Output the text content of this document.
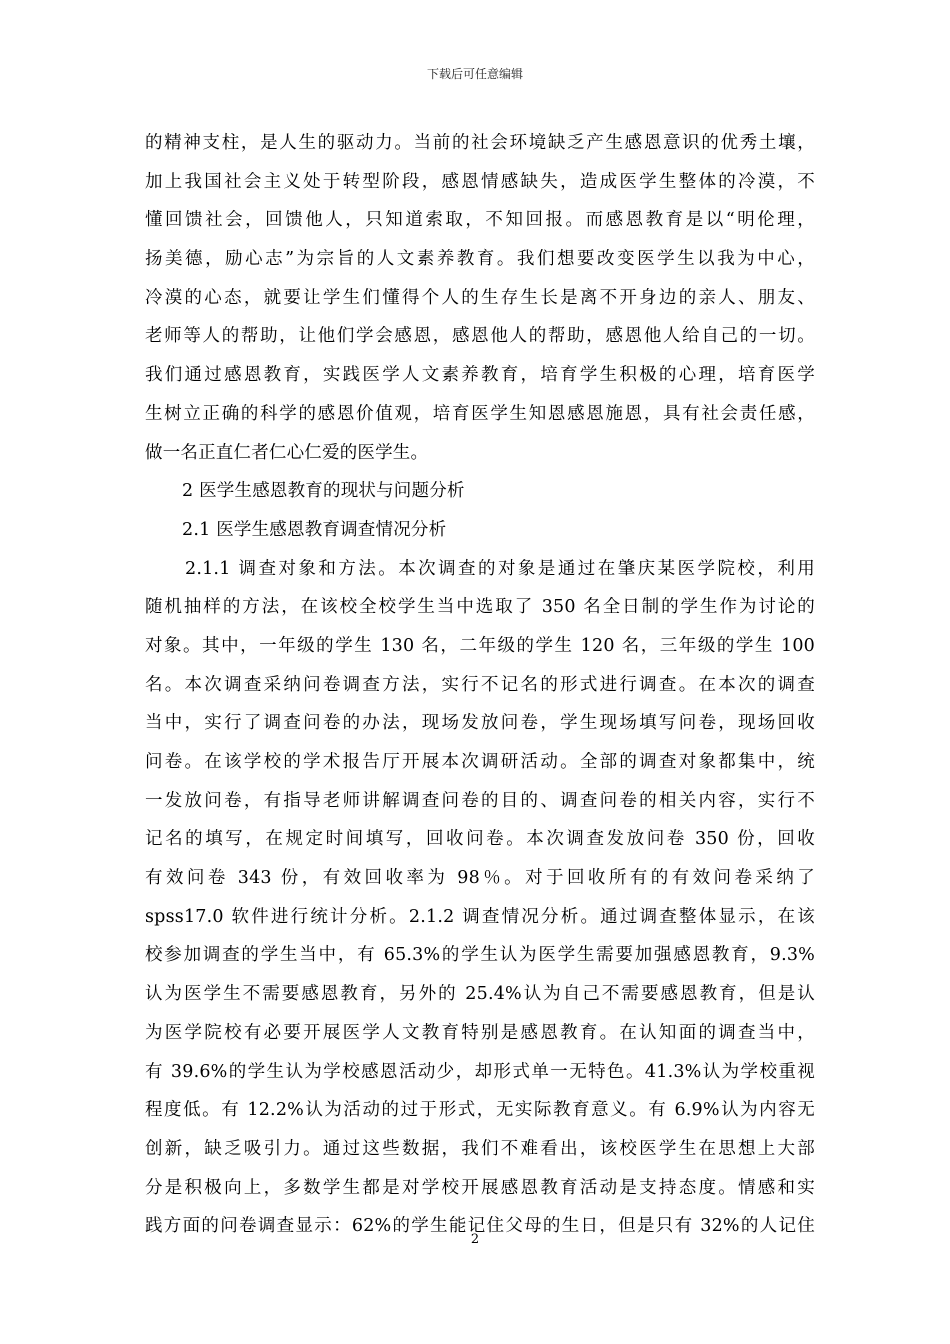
下载后可任意编辑
的精神支柱，是人生的驱动力。当前的社会环境缺乏产生感恩意识的优秀土壤，
加上我国社会主义处于转型阶段，感恩情感缺失，造成医学生整体的冷漠，不
懂回馈社会，回馈他人，只知道索取，不知回报。而感恩教育是以“明伦理，
扬美德，励心志”为宗旨的人文素养教育。我们想要改变医学生以我为中心，
冷漠的心态，就要让学生们懂得个人的生存生长是离不开身边的亲人、朋友、
老师等人的帮助，让他们学会感恩，感恩他人的帮助，感恩他人给自己的一切。
我们通过感恩教育，实践医学人文素养教育，培育学生积极的心理，培育医学
生树立正确的科学的感恩价值观，培育医学生知恩感恩施恩，具有社会责任感，
做一名正直仁者仁心仁爱的医学生。
2 医学生感恩教育的现状与问题分析
2.1 医学生感恩教育调查情况分析
2.1.1 调查对象和方法。本次调查的对象是通过在肇庆某医学院校，利用
随机抽样的方法，在该校全校学生当中选取了 350 名全日制的学生作为讨论的
对象。其中，一年级的学生 130 名，二年级的学生 120 名，三年级的学生 100
名。本次调查采纳问卷调查方法，实行不记名的形式进行调查。在本次的调查
当中，实行了调查问卷的办法，现场发放问卷，学生现场填写问卷，现场回收
问卷。在该学校的学术报告厅开展本次调研活动。全部的调查对象都集中，统
一发放问卷，有指导老师讲解调查问卷的目的、调查问卷的相关内容，实行不
记名的填写，在规定时间填写，回收问卷。本次调查发放问卷 350 份，回收
有效问卷 343 份，有效回收率为 98％。对于回收所有的有效问卷采纳了
spss17.0 软件进行统计分析。2.1.2 调查情况分析。通过调查整体显示，在该
校参加调查的学生当中，有 65.3%的学生认为医学生需要加强感恩教育，9.3%
认为医学生不需要感恩教育，另外的 25.4%认为自己不需要感恩教育，但是认
为医学院校有必要开展医学人文教育特别是感恩教育。在认知面的调查当中，
有 39.6%的学生认为学校感恩活动少，却形式单一无特色。41.3%认为学校重视
程度低。有 12.2%认为活动的过于形式，无实际教育意义。有 6.9%认为内容无
创新，缺乏吸引力。通过这些数据，我们不难看出，该校医学生在思想上大部
分是积极向上，多数学生都是对学校开展感恩教育活动是支持态度。情感和实
践方面的问卷调查显示：62%的学生能记住父母的生日，但是只有 32%的人记住
2
